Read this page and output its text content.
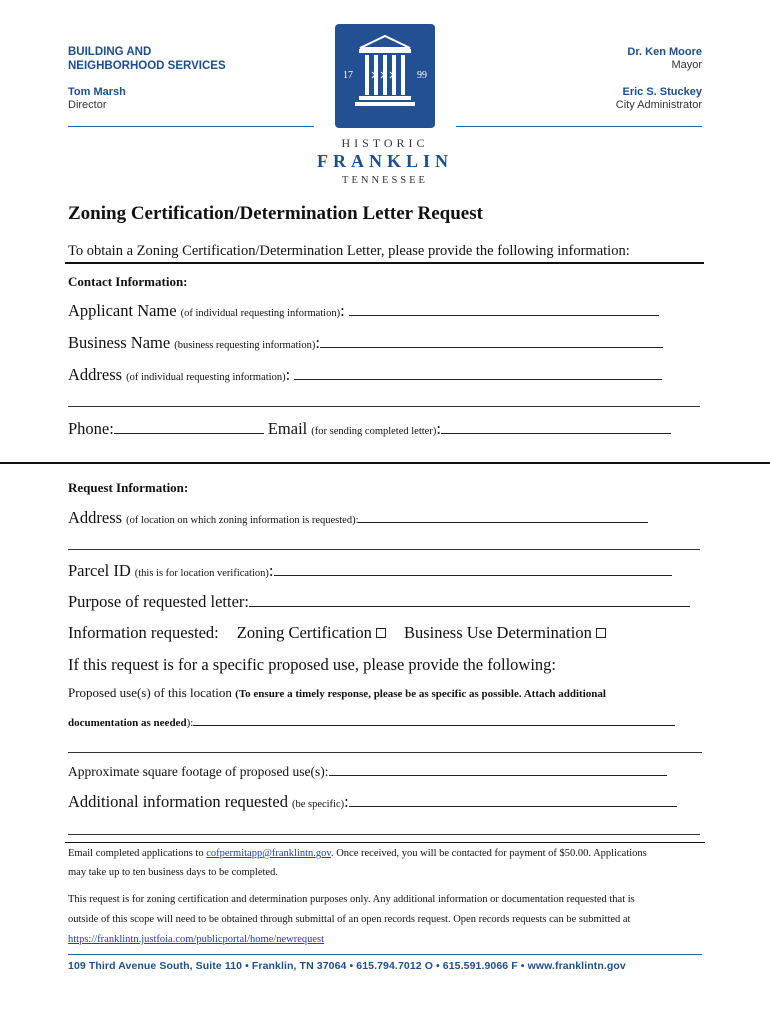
BUILDING AND
NEIGHBORHOOD SERVICES
Tom Marsh
Director
Dr. Ken Moore
Mayor
Eric S. Stuckey
City Administrator
17	99
HISTORIC
FRANKLIN
TENNESSEE
Zoning Certification/Determination Letter Request
To obtain a Zoning Certification/Determination Letter, please provide the following information:
Contact Information:
Applicant Name (of individual requesting information):
Business Name (business requesting information):
Address (of individual requesting information):
Phone:	Email (for sending completed letter):
Request Information:
Address (of location on which zoning information is requested):
Parcel ID (this is for location verification):
Purpose of requested letter:
Information requested: Zoning Certification Business Use Determination
If this request is for a specific proposed use, please provide the following:
Proposed use(s) of this location (To ensure a timely response, please be as specific as possible. Attach additional
documentation as needed):
Approximate square footage of proposed use(s):
Additional information requested (be specific):
Email completed applications to cofpermitapp@franklintn.gov. Once received, you will be contacted for payment of $50.00. Applications
may take up to ten business days to be completed.
This request is for zoning certification and determination purposes only. Any additional information or documentation requested that is
outside of this scope will need to be obtained through submittal of an open records request. Open records requests can be submitted at
https://franklintn.justfoia.com/publicportal/home/newrequest
109 Third Avenue South, Suite 110 • Franklin, TN 37064 • 615.794.7012 O • 615.591.9066 F • www.franklintn.gov
